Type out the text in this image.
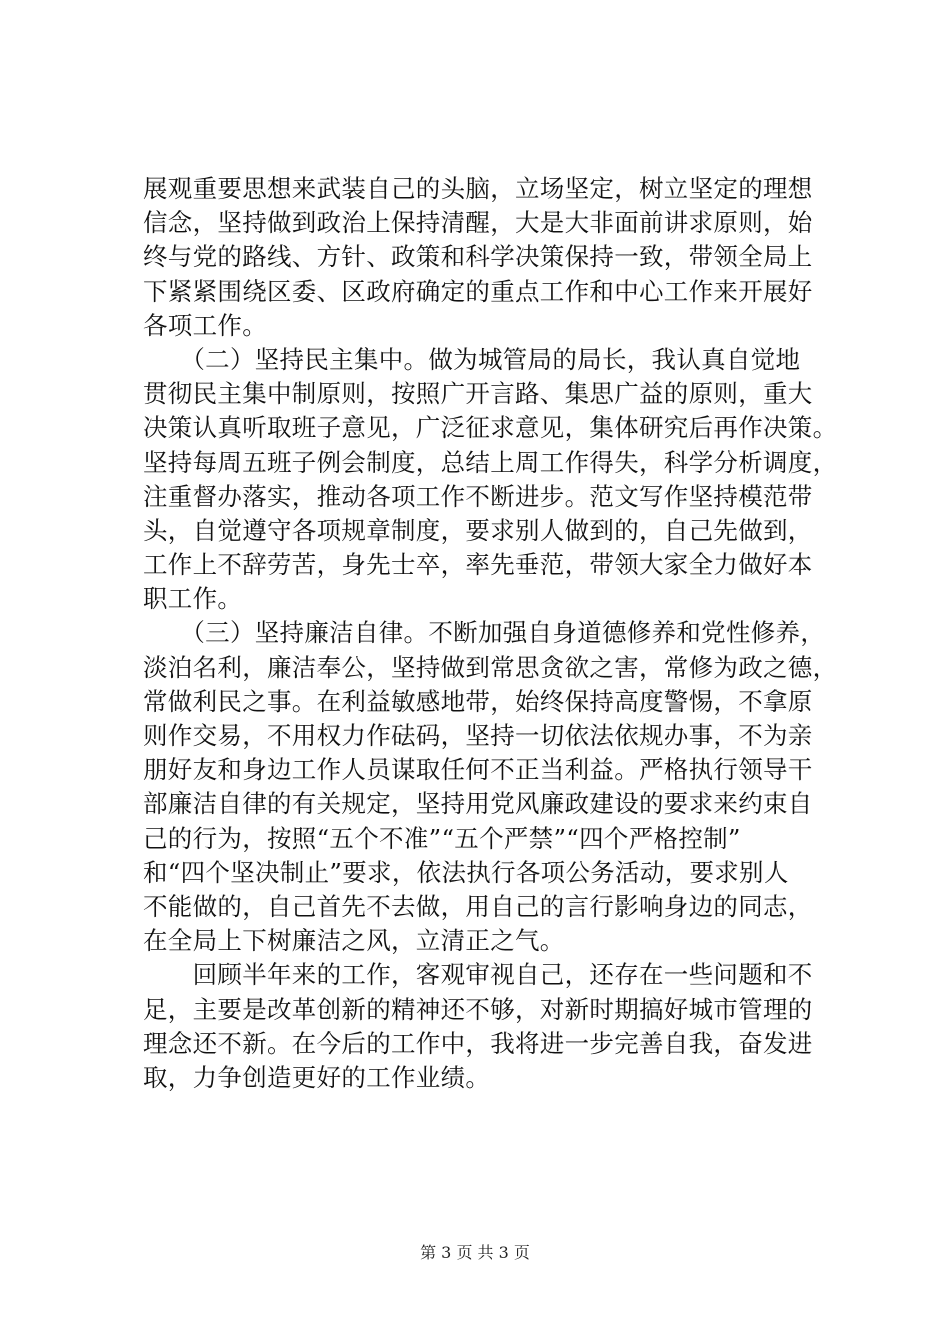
展观重要思想来武装自己的头脑，立场坚定，树立坚定的理想
信念，坚持做到政治上保持清醒，大是大非面前讲求原则，始
终与党的路线、方针、政策和科学决策保持一致，带领全局上
下紧紧围绕区委、区政府确定的重点工作和中心工作来开展好
各项工作。
　　（二）坚持民主集中。做为城管局的局长，我认真自觉地
贯彻民主集中制原则，按照广开言路、集思广益的原则，重大
决策认真听取班子意见，广泛征求意见，集体研究后再作决策。
坚持每周五班子例会制度，总结上周工作得失，科学分析调度，
注重督办落实，推动各项工作不断进步。范文写作坚持模范带
头，自觉遵守各项规章制度，要求别人做到的，自己先做到，
工作上不辞劳苦，身先士卒，率先垂范，带领大家全力做好本
职工作。
　　（三）坚持廉洁自律。不断加强自身道德修养和党性修养，
淡泊名利，廉洁奉公，坚持做到常思贪欲之害，常修为政之德，
常做利民之事。在利益敏感地带，始终保持高度警惕，不拿原
则作交易，不用权力作砝码，坚持一切依法依规办事，不为亲
朋好友和身边工作人员谋取任何不正当利益。严格执行领导干
部廉洁自律的有关规定，坚持用党风廉政建设的要求来约束自
己的行为，按照“五个不准”“五个严禁”“四个严格控制”
和“四个坚决制止”要求，依法执行各项公务活动，要求别人
不能做的，自己首先不去做，用自己的言行影响身边的同志，
在全局上下树廉洁之风，立清正之气。
　　回顾半年来的工作，客观审视自己，还存在一些问题和不
足，主要是改革创新的精神还不够，对新时期搞好城市管理的
理念还不新。在今后的工作中，我将进一步完善自我，奋发进
取，力争创造更好的工作业绩。
第 3 页 共 3 页
